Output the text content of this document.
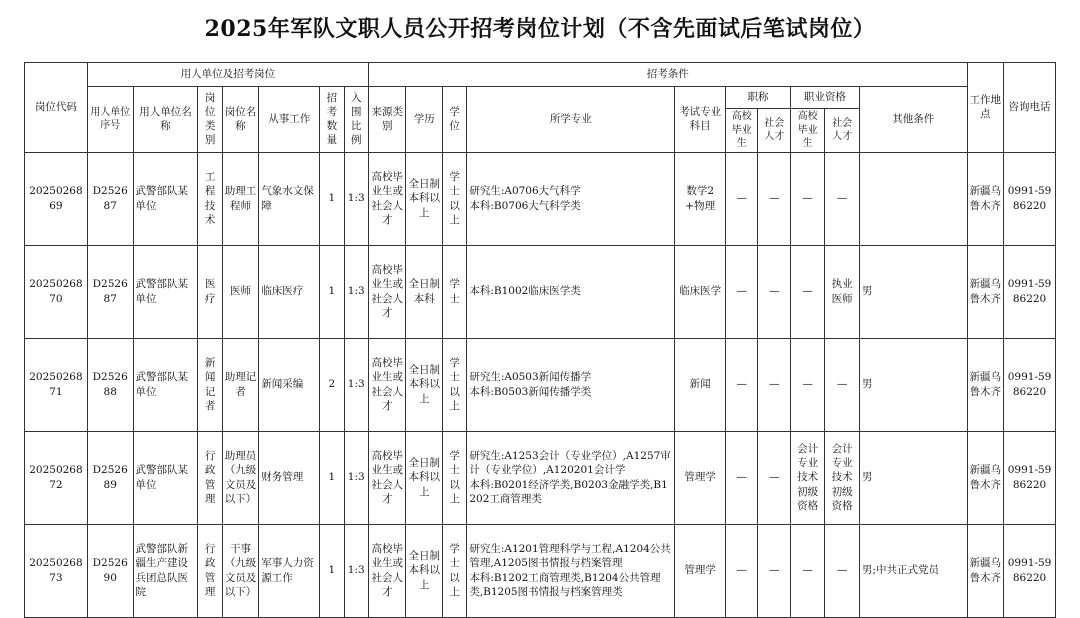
2025年军队文职人员公开招考岗位计划（不含先面试后笔试岗位）
岗位代码	用人单位及招考岗位							招考条件										工作地点	咨询电话
	用人单位序号	用人单位名称	岗位类别	岗位名称	从事工作	招考数量	入围比例	来源类别	学历	学位	所学专业	考试专业科目	职称		职业资格		其他条件		
													高校毕业生	社会人才	高校毕业生	社会人才			
2025026869	D252687	武警部队某单位	工程技术	助理工程师	气象水文保障	1	1:3	高校毕业生或社会人才	全日制本科以上	学士以上	研究生:A0706大气科学
本科:B0706大气科学类	数学2+物理	—	—	—	—		新疆乌鲁木齐	0991-5986220
2025026870	D252687	武警部队某单位	医疗	医师	临床医疗	1	1:3	高校毕业生或社会人才	全日制本科	学士	本科:B1002临床医学类	临床医学	—	—	—	执业医师	男	新疆乌鲁木齐	0991-5986220
2025026871	D252688	武警部队某单位	新闻记者	助理记者	新闻采编	2	1:3	高校毕业生或社会人才	全日制本科以上	学士以上	研究生:A0503新闻传播学
本科:B0503新闻传播学类	新闻	—	—	—	—	男	新疆乌鲁木齐	0991-5986220
2025026872	D252689	武警部队某单位	行政管理	助理员（九级文员及以下）	财务管理	1	1:3	高校毕业生或社会人才	全日制本科以上	学士以上	研究生:A1253会计（专业学位）,A1257审计（专业学位）,A120201会计学
本科:B0201经济学类,B0203金融学类,B1202工商管理类	管理学	—	—	会计专业技术初级资格	会计专业技术初级资格	男	新疆乌鲁木齐	0991-5986220
2025026873	D252690	武警部队新疆生产建设兵团总队医院	行政管理	干事（九级文员及以下）	军事人力资源工作	1	1:3	高校毕业生或社会人才	全日制本科以上	学士以上	研究生:A1201管理科学与工程,A1204公共管理,A1205图书情报与档案管理
本科:B1202工商管理类,B1204公共管理类,B1205图书情报与档案管理类	管理学	—	—	—	—	男;中共正式党员	新疆乌鲁木齐	0991-5986220
